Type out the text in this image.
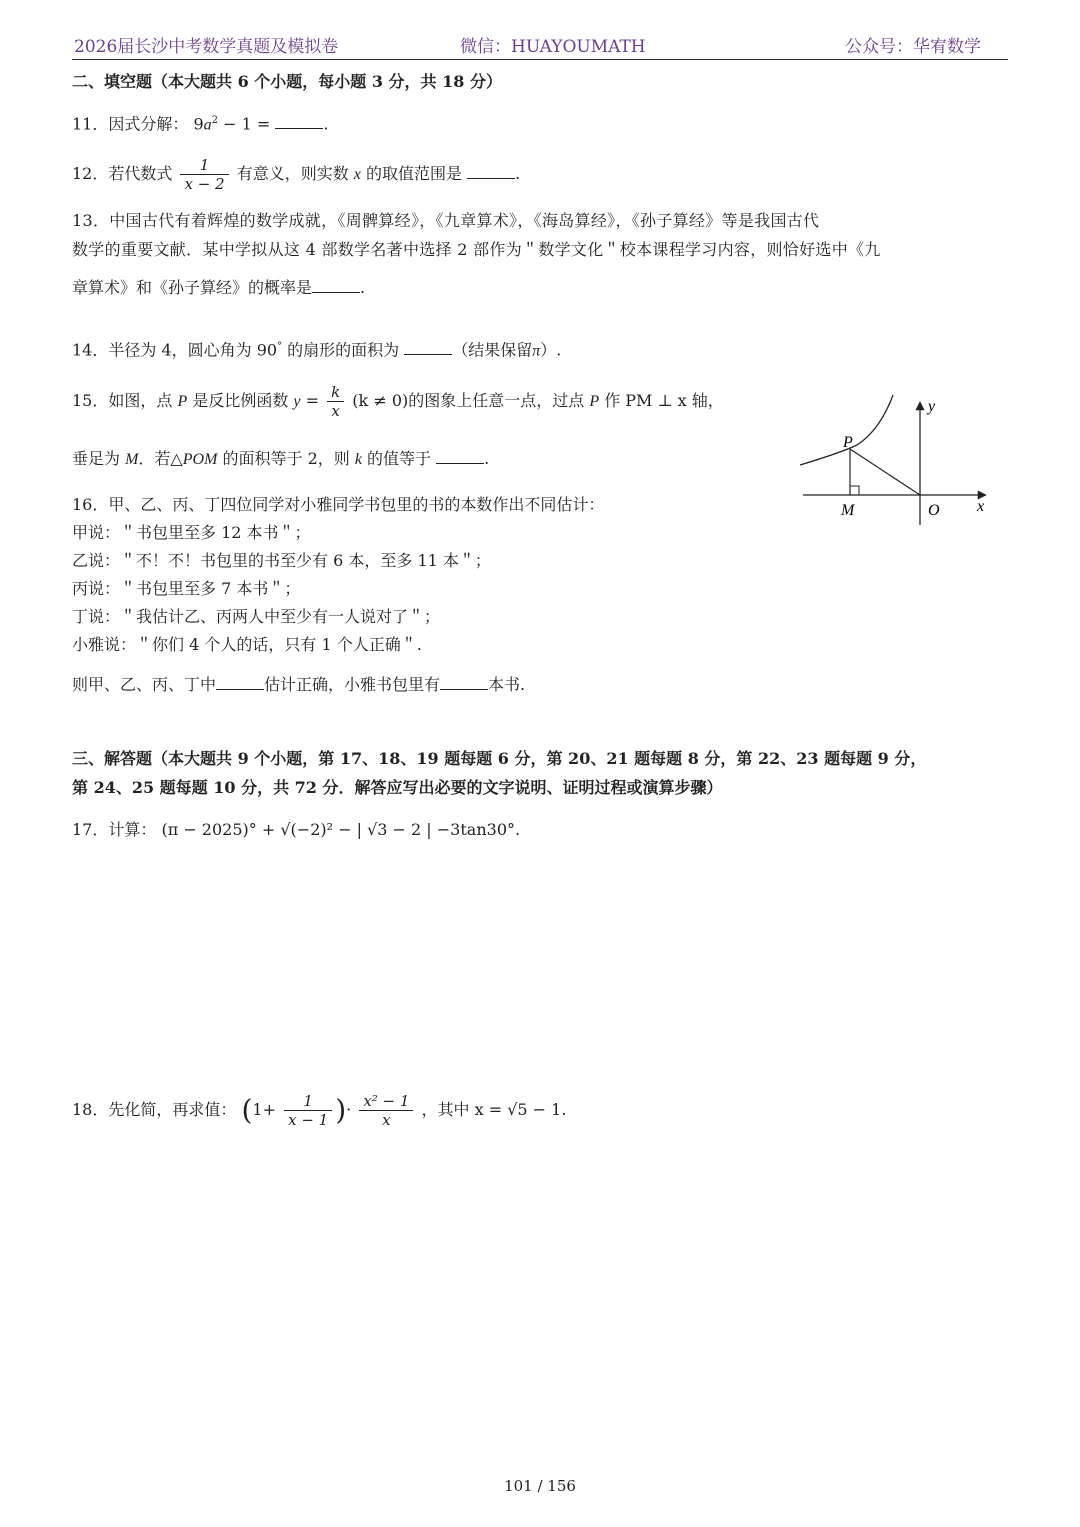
2026届长沙中考数学真题及模拟卷	微信：HUAYOUMATH	公众号：华宥数学
二、填空题（本大题共 6 个小题，每小题 3 分，共 18 分）
11．因式分解： $9a^2 - 1$ =	.
12．若代数式 $\frac{1}{x - 2}$ 有意义，则实数 x 的取值范围是	.
13．中国古代有着辉煌的数学成就，《周髀算经》，《九章算术》，《海岛算经》，《孙子算经》等是我国古代
数学的重要文献．某中学拟从这 4 部数学名著中选择 2 部作为＂数学文化＂校本课程学习内容，则恰好选中《九
章算术》和《孙子算经》的概率是	.
14．半径为 4，圆心角为 90° 的扇形的面积为	（结果保留π）.
15．如图，点 P 是反比例函数 $y = \frac{k}{x} (k \ne 0)$的图象上任意一点，过点 P 作 PM ⊥ x 轴，
垂足为 M．若△POM 的面积等于 2，则 k 的值等于	.
P
M	O x
y
16．甲、乙、丙、丁四位同学对小雅同学书包里的书的本数作出不同估计：
甲说：＂书包里至多 12 本书＂；
乙说：＂不！不！书包里的书至少有 6 本，至多 11 本＂；
丙说：＂书包里至多 7 本书＂；
丁说：＂我估计乙、丙两人中至少有一人说对了＂；
小雅说：＂你们 4 个人的话，只有 1 个人正确＂.
则甲、乙、丙、丁中	估计正确，小雅书包里有	本书.
三、解答题（本大题共 9 个小题，第 17、18、19 题每题 6 分，第 20、21 题每题 8 分，第 22、23 题每题 9 分，
第 24、25 题每题 10 分，共 72 分．解答应写出必要的文字说明、证明过程或演算步骤）
17．计算： (π − 2025)° + √(−2)² − | √3 − 2 | −3tan30°.
18．先化简，再求值： ($1+ \frac{1}{x - 1}$ )· $\frac{\text{x² − 1}}{x}$ ，其中 x = √5 − 1.
101 / 156
